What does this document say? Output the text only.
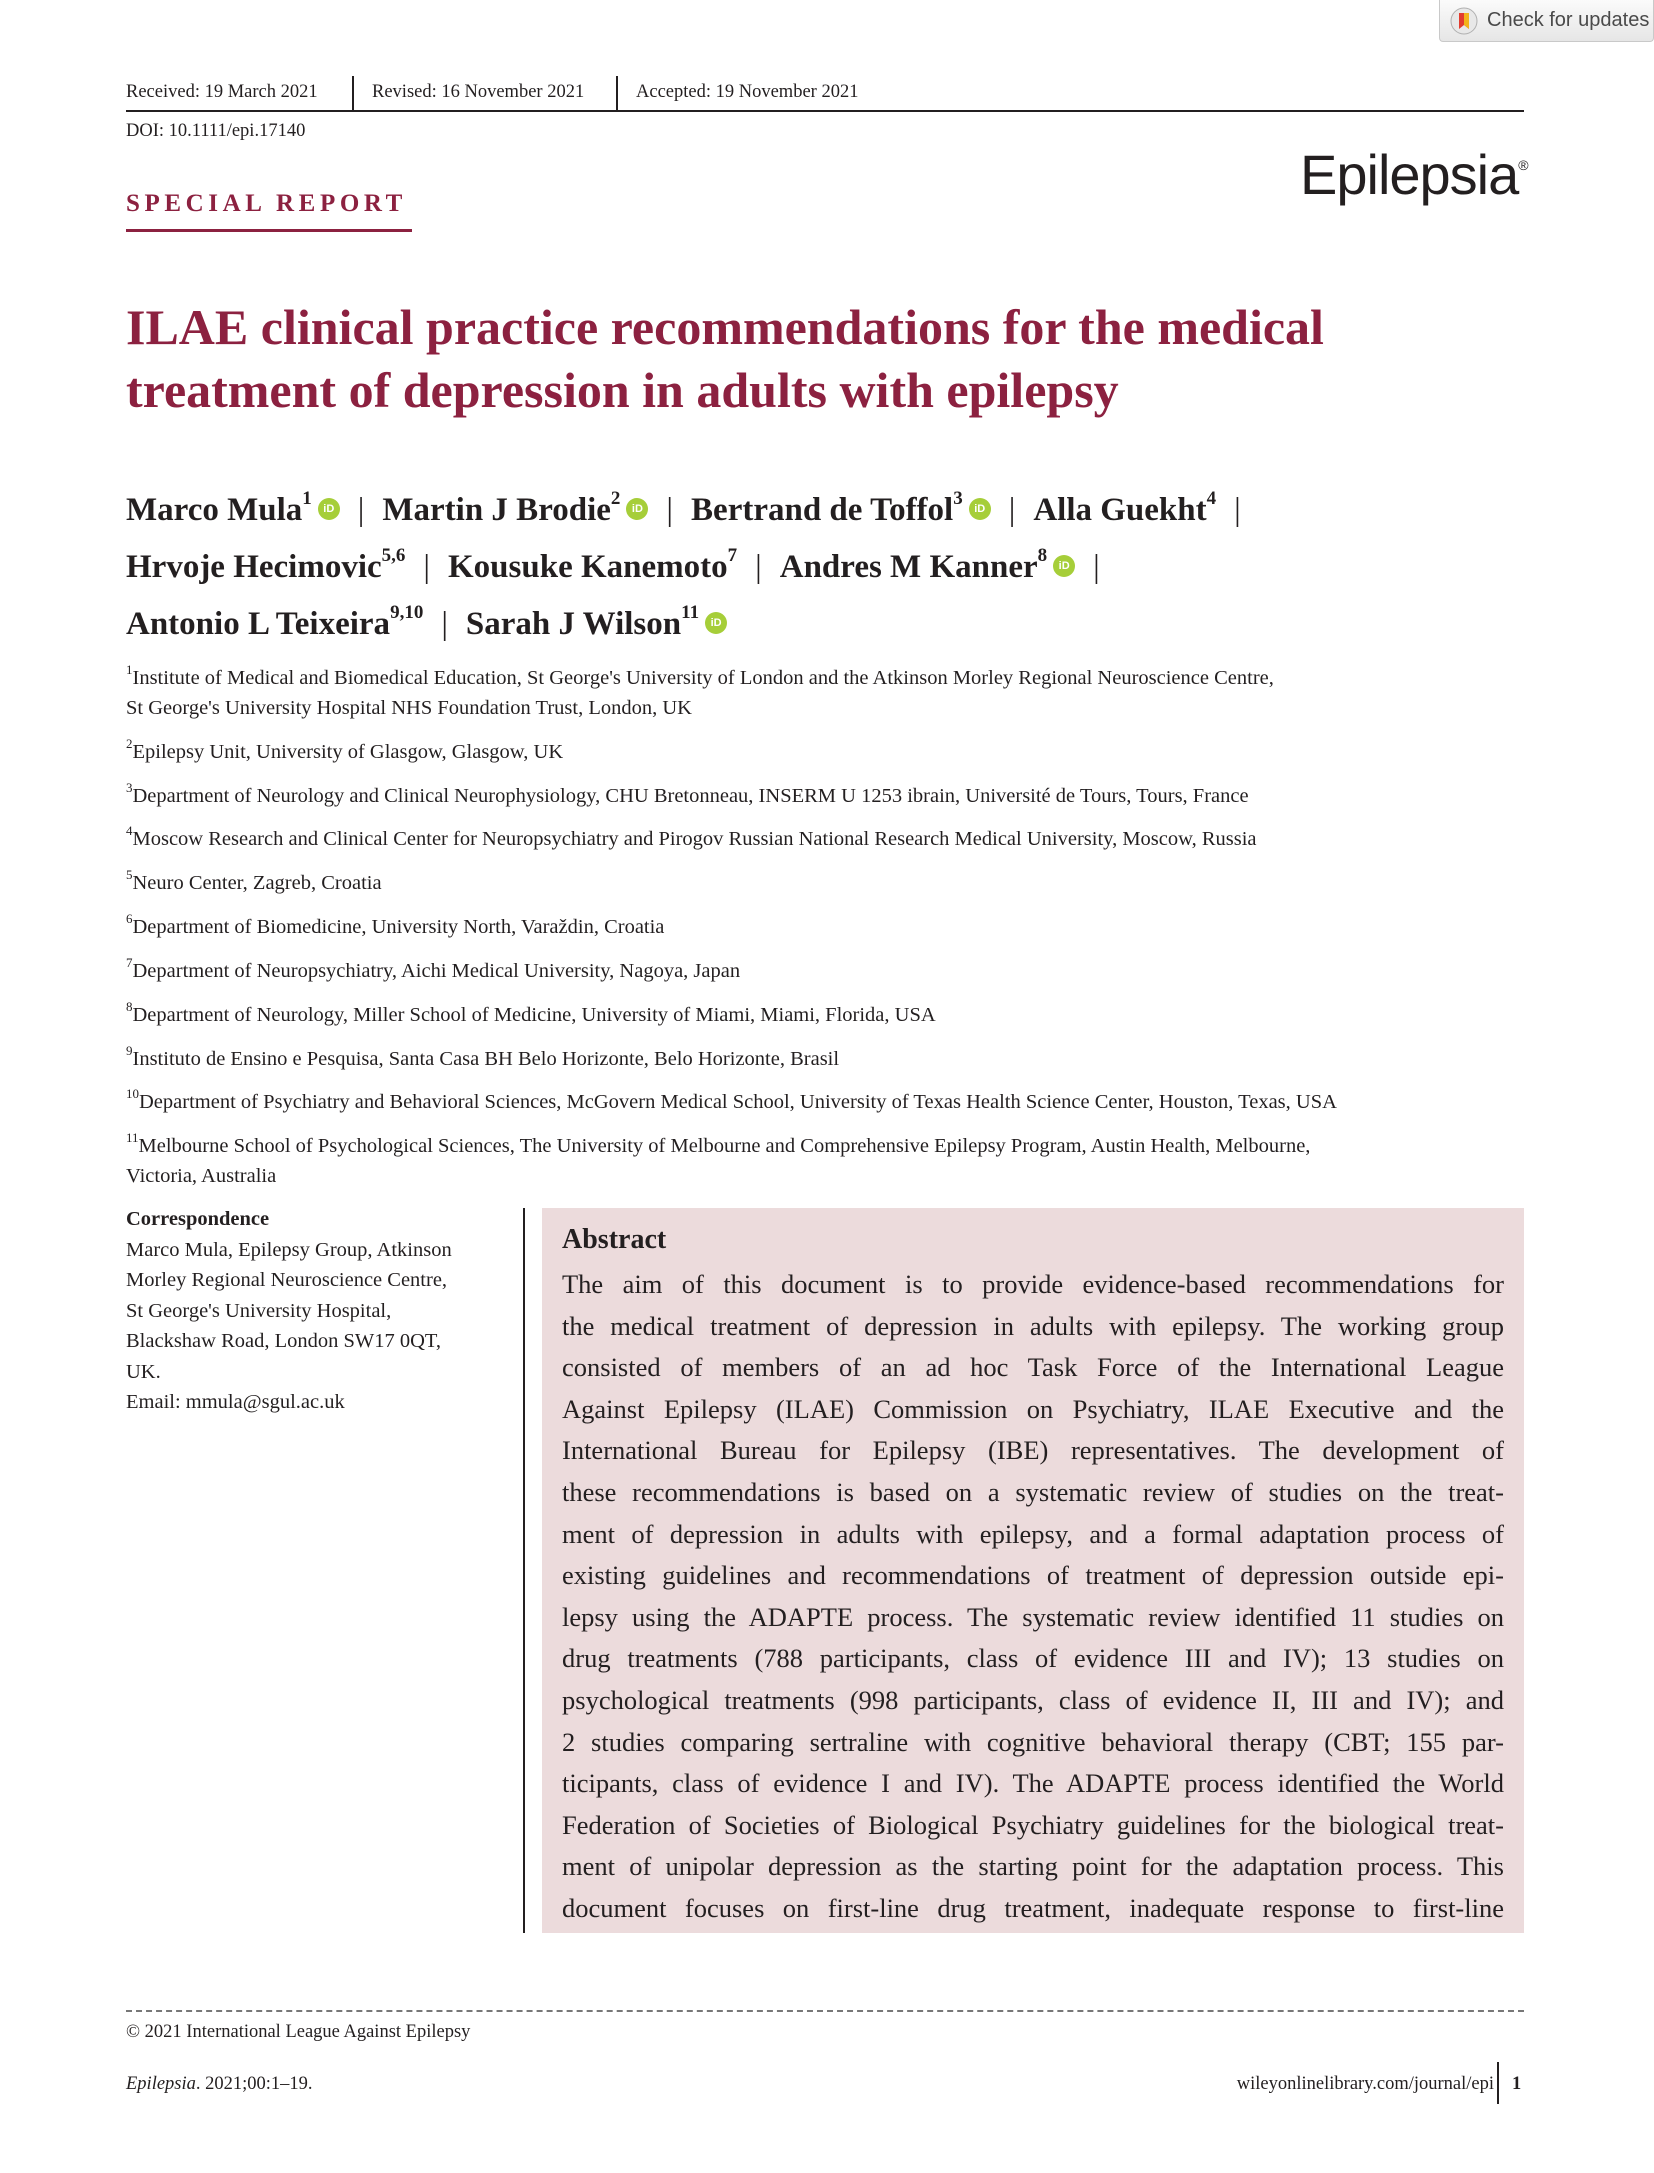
Check for updates
Received: 19 March 2021	Revised: 16 November 2021	Accepted: 19 November 2021
DOI: 10.1111/epi.17140
Epilepsia®
SPECIAL REPORT
ILAE clinical practice recommendations for the medical treatment of depression in adults with epilepsy
Marco Mula$^1$iD | Martin J Brodie$^2$iD | Bertrand de Toffol$^3$iD | Alla Guekht$^4$ |
Hrvoje Hecimovic$^{5,6}$ | Kousuke Kanemoto$^7$ | Andres M Kanner$^8$iD |
Antonio L Teixeira$^{9,10}$ | Sarah J Wilson$^{11}$iD
$^1$Institute of Medical and Biomedical Education, St George's University of London and the Atkinson Morley Regional Neuroscience Centre,
St George's University Hospital NHS Foundation Trust, London, UK
$^2$Epilepsy Unit, University of Glasgow, Glasgow, UK
$^3$Department of Neurology and Clinical Neurophysiology, CHU Bretonneau, INSERM U 1253 ibrain, Université de Tours, Tours, France
$^4$Moscow Research and Clinical Center for Neuropsychiatry and Pirogov Russian National Research Medical University, Moscow, Russia
$^5$Neuro Center, Zagreb, Croatia
$^6$Department of Biomedicine, University North, Varaždin, Croatia
$^7$Department of Neuropsychiatry, Aichi Medical University, Nagoya, Japan
$^8$Department of Neurology, Miller School of Medicine, University of Miami, Miami, Florida, USA
$^9$Instituto de Ensino e Pesquisa, Santa Casa BH Belo Horizonte, Belo Horizonte, Brasil
$^{10}$Department of Psychiatry and Behavioral Sciences, McGovern Medical School, University of Texas Health Science Center, Houston, Texas, USA
$^{11}$Melbourne School of Psychological Sciences, The University of Melbourne and Comprehensive Epilepsy Program, Austin Health, Melbourne,
Victoria, Australia
Correspondence
Marco Mula, Epilepsy Group, Atkinson
Morley Regional Neuroscience Centre,
St George's University Hospital,
Blackshaw Road, London SW17 0QT,
UK.
Email: mmula@sgul.ac.uk
Abstract
The aim of this document is to provide evidence-based recommendations for
the medical treatment of depression in adults with epilepsy. The working group
consisted of members of an ad hoc Task Force of the International League
Against Epilepsy (ILAE) Commission on Psychiatry, ILAE Executive and the
International Bureau for Epilepsy (IBE) representatives. The development of
these recommendations is based on a systematic review of studies on the treat-
ment of depression in adults with epilepsy, and a formal adaptation process of
existing guidelines and recommendations of treatment of depression outside epi-
lepsy using the ADAPTE process. The systematic review identified 11 studies on
drug treatments (788 participants, class of evidence III and IV); 13 studies on
psychological treatments (998 participants, class of evidence II, III and IV); and
2 studies comparing sertraline with cognitive behavioral therapy (CBT; 155 par-
ticipants, class of evidence I and IV). The ADAPTE process identified the World
Federation of Societies of Biological Psychiatry guidelines for the biological treat-
ment of unipolar depression as the starting point for the adaptation process. This
document focuses on first-line drug treatment, inadequate response to first-line
© 2021 International League Against Epilepsy
Epilepsia. 2021;00:1–19.	wileyonlinelibrary.com/journal/epi 1
